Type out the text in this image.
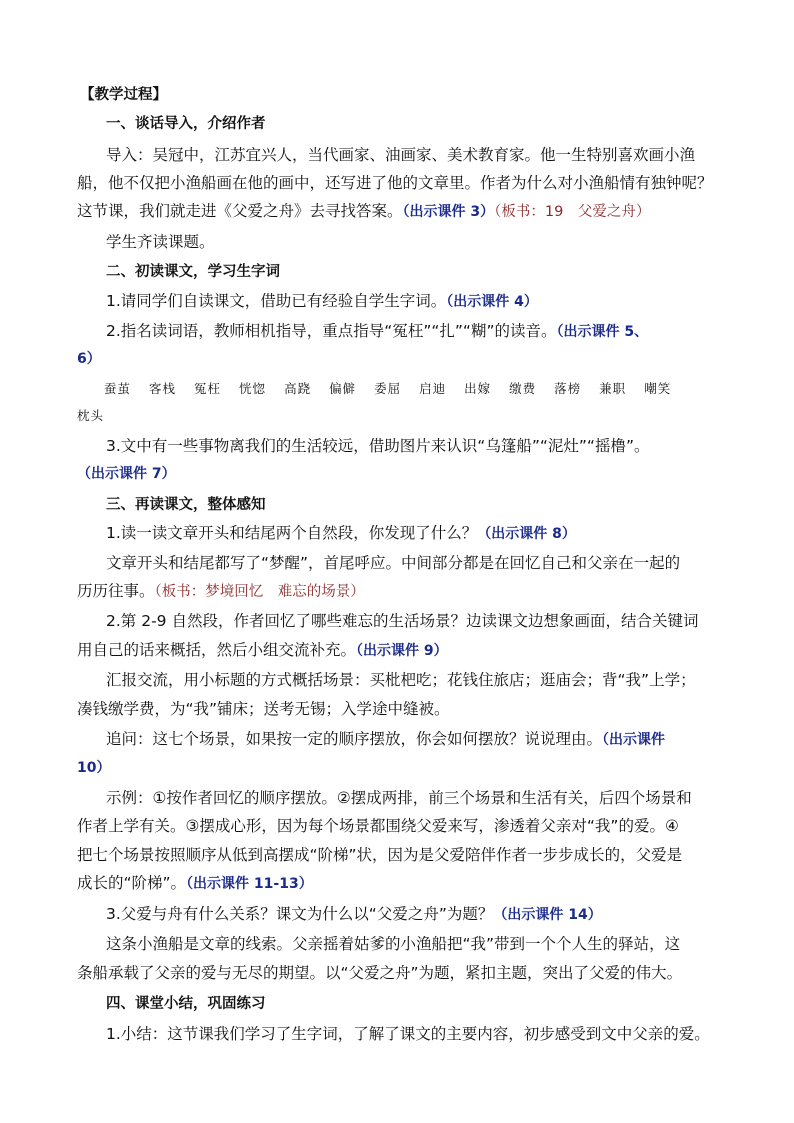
【教学过程】
一、谈话导入，介绍作者
导入：吴冠中，江苏宜兴人，当代画家、油画家、美术教育家。他一生特别喜欢画小渔
船，他不仅把小渔船画在他的画中，还写进了他的文章里。作者为什么对小渔船情有独钟呢？
这节课，我们就走进《父爱之舟》去寻找答案。（出示课件 3）（板书：19　父爱之舟）
学生齐读课题。
二、初读课文，学习生字词
1.请同学们自读课文，借助已有经验自学生字词。（出示课件 4）
2.指名读词语，教师相机指导，重点指导“冤枉”“扎”“糊”的读音。（出示课件 5、
6）
蚕茧 客栈 冤枉 恍惚 高跷 偏僻 委屈 启迪 出嫁 缴费 落榜 兼职 嘲笑
枕头
3.文中有一些事物离我们的生活较远，借助图片来认识“乌篷船”“泥灶”“摇橹”。
（出示课件 7）
三、再读课文，整体感知
1.读一读文章开头和结尾两个自然段，你发现了什么？（出示课件 8）
文章开头和结尾都写了“梦醒”，首尾呼应。中间部分都是在回忆自己和父亲在一起的
历历往事。（板书：梦境回忆　难忘的场景）
2.第 2-9 自然段，作者回忆了哪些难忘的生活场景？边读课文边想象画面，结合关键词
用自己的话来概括，然后小组交流补充。（出示课件 9）
汇报交流，用小标题的方式概括场景：买枇杷吃；花钱住旅店；逛庙会；背“我”上学；
凑钱缴学费，为“我”铺床；送考无锡；入学途中缝被。
追问：这七个场景，如果按一定的顺序摆放，你会如何摆放？说说理由。（出示课件
10）
示例：①按作者回忆的顺序摆放。②摆成两排，前三个场景和生活有关，后四个场景和
作者上学有关。③摆成心形，因为每个场景都围绕父爱来写，渗透着父亲对“我”的爱。④
把七个场景按照顺序从低到高摆成“阶梯”状，因为是父爱陪伴作者一步步成长的，父爱是
成长的“阶梯”。（出示课件 11-13）
3.父爱与舟有什么关系？课文为什么以“父爱之舟”为题？（出示课件 14）
这条小渔船是文章的线索。父亲摇着姑爹的小渔船把“我”带到一个个人生的驿站，这
条船承载了父亲的爱与无尽的期望。以“父爱之舟”为题，紧扣主题，突出了父爱的伟大。
四、课堂小结，巩固练习
1.小结：这节课我们学习了生字词，了解了课文的主要内容，初步感受到文中父亲的爱。
